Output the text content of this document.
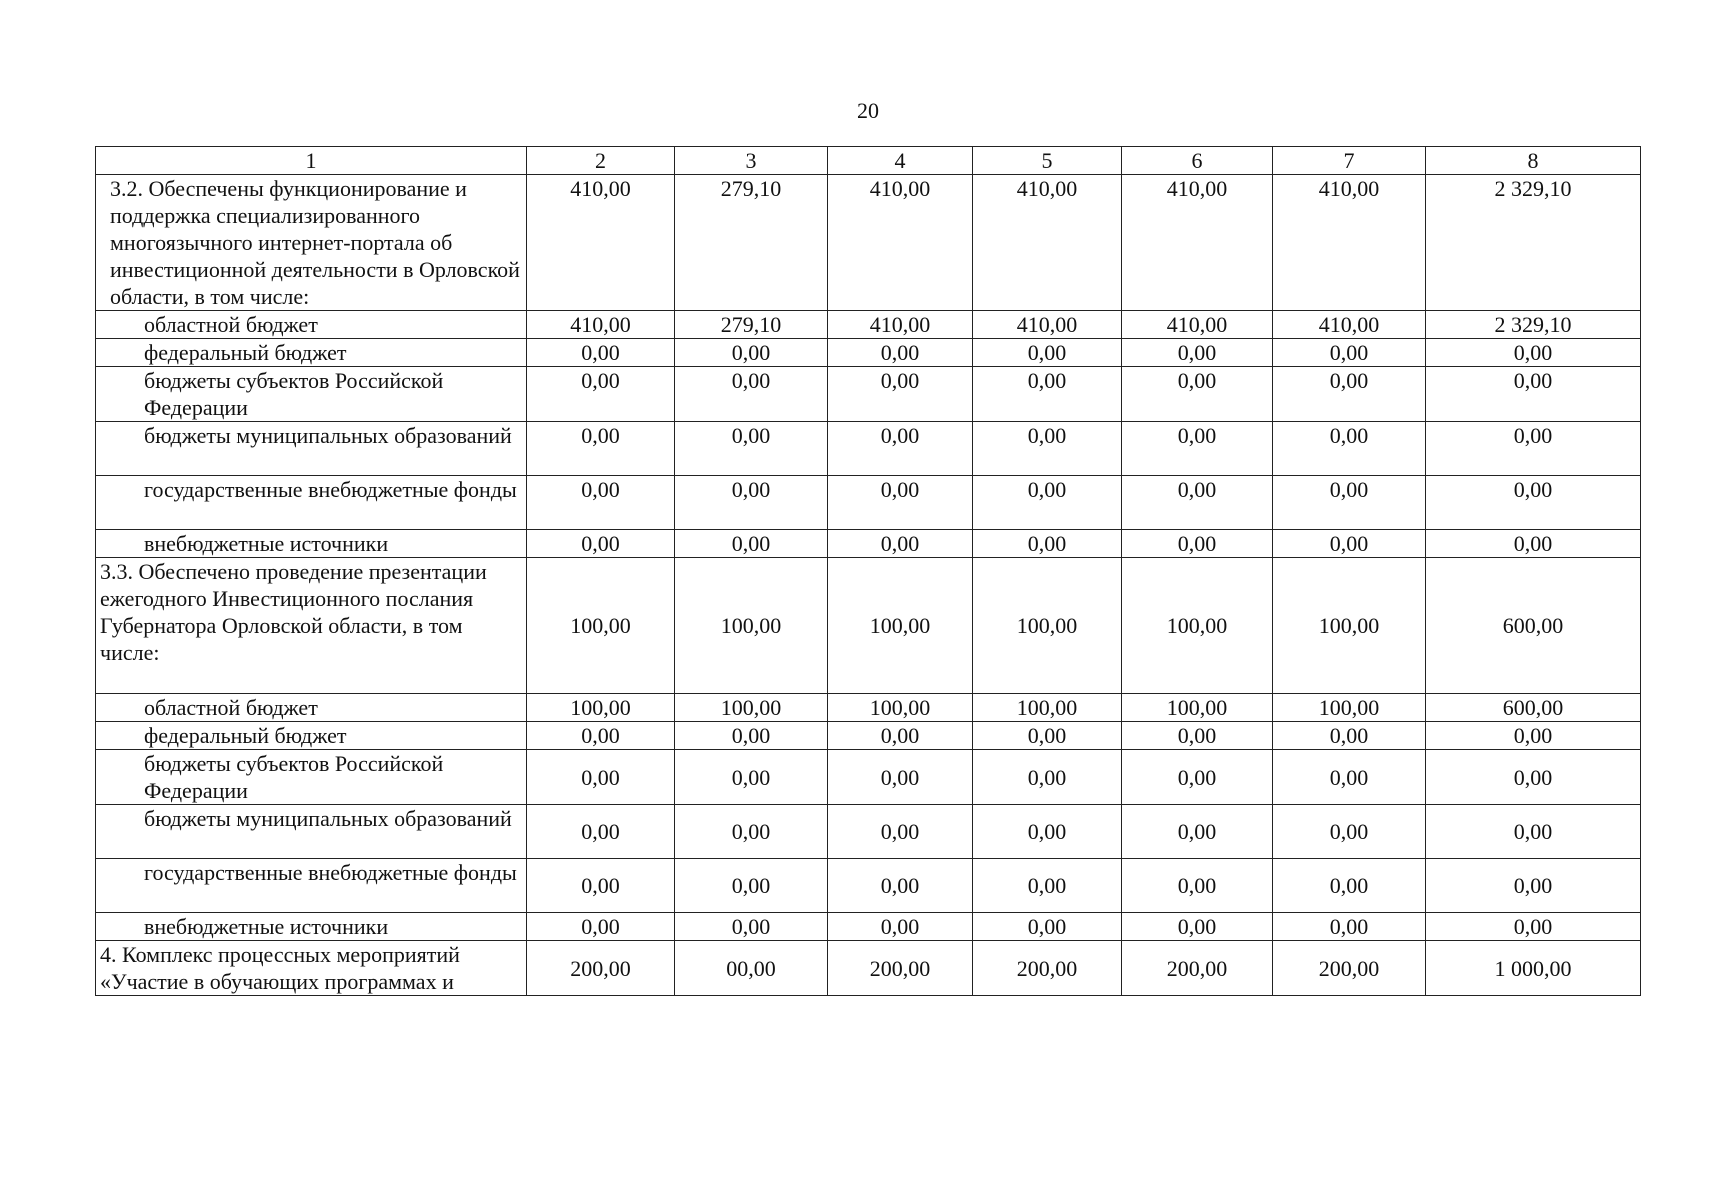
20
1	2	3	4	5	6	7	8
3.2. Обеспечены функционирование и поддержка специализированного многоязычного интернет-портала об инвестиционной деятельности в Орловской области, в том числе:	410,00	279,10	410,00	410,00	410,00	410,00	2 329,10
областной бюджет	410,00	279,10	410,00	410,00	410,00	410,00	2 329,10
федеральный бюджет	0,00	0,00	0,00	0,00	0,00	0,00	0,00
бюджеты субъектов Российской Федерации	0,00	0,00	0,00	0,00	0,00	0,00	0,00
бюджеты муниципальных образований	0,00	0,00	0,00	0,00	0,00	0,00	0,00
государственные внебюджетные фонды	0,00	0,00	0,00	0,00	0,00	0,00	0,00
внебюджетные источники	0,00	0,00	0,00	0,00	0,00	0,00	0,00
3.3. Обеспечено проведение презентации ежегодного Инвестиционного послания Губернатора Орловской области, в том числе:	100,00	100,00	100,00	100,00	100,00	100,00	600,00
областной бюджет	100,00	100,00	100,00	100,00	100,00	100,00	600,00
федеральный бюджет	0,00	0,00	0,00	0,00	0,00	0,00	0,00
бюджеты субъектов Российской Федерации	0,00	0,00	0,00	0,00	0,00	0,00	0,00
бюджеты муниципальных образований	0,00	0,00	0,00	0,00	0,00	0,00	0,00
государственные внебюджетные фонды	0,00	0,00	0,00	0,00	0,00	0,00	0,00
внебюджетные источники	0,00	0,00	0,00	0,00	0,00	0,00	0,00
4. Комплекс процессных мероприятий «Участие в обучающих программах и	200,00	00,00	200,00	200,00	200,00	200,00	1 000,00
